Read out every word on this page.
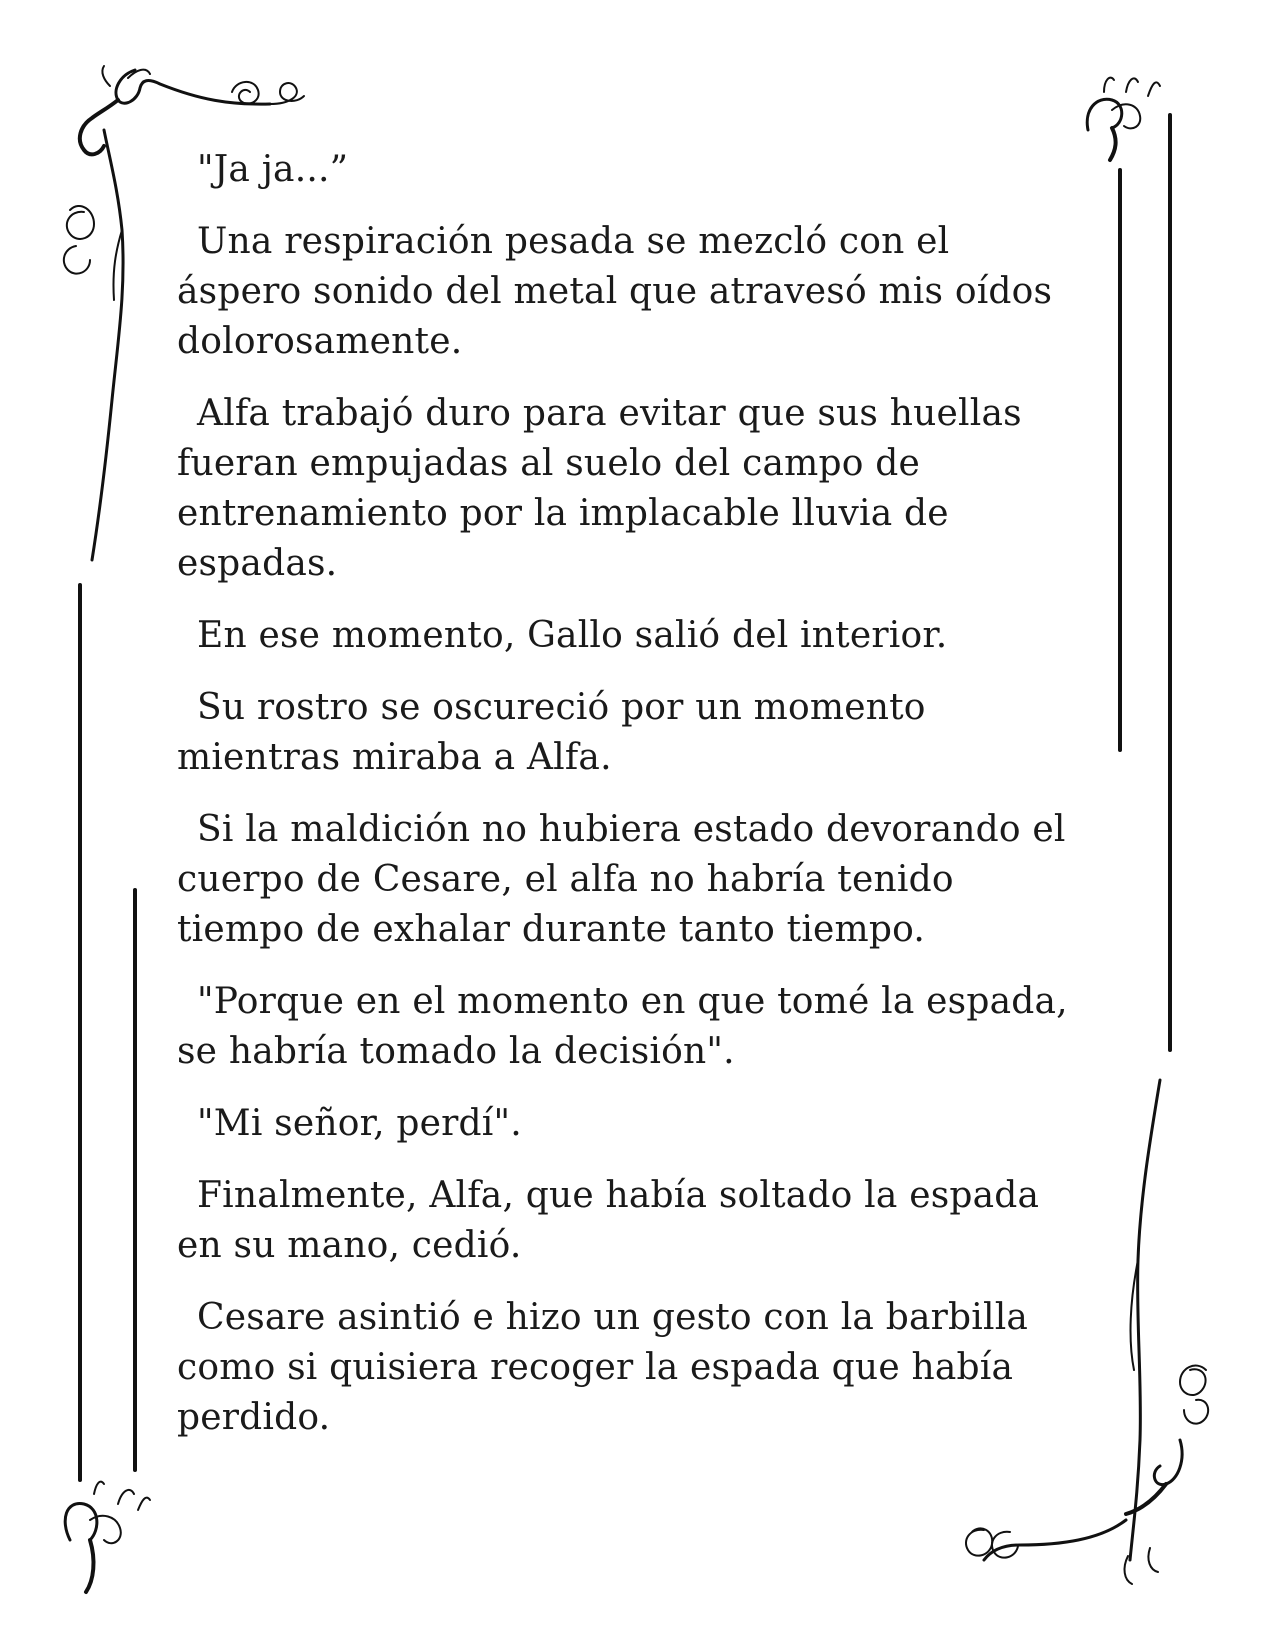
"Ja ja...”

Una respiración pesada se mezcló con el
áspero sonido del metal que atravesó mis oídos
dolorosamente.

Alfa trabajó duro para evitar que sus huellas
fueran empujadas al suelo del campo de
entrenamiento por la implacable lluvia de
espadas.

En ese momento, Gallo salió del interior.

Su rostro se oscureció por un momento
mientras miraba a Alfa.

Si la maldición no hubiera estado devorando el
cuerpo de Cesare, el alfa no habría tenido
tiempo de exhalar durante tanto tiempo.

"Porque en el momento en que tomé la espada,
se habría tomado la decisión".

"Mi señor, perdí".

Finalmente, Alfa, que había soltado la espada
en su mano, cedió.

Cesare asintió e hizo un gesto con la barbilla
como si quisiera recoger la espada que había
perdido.
